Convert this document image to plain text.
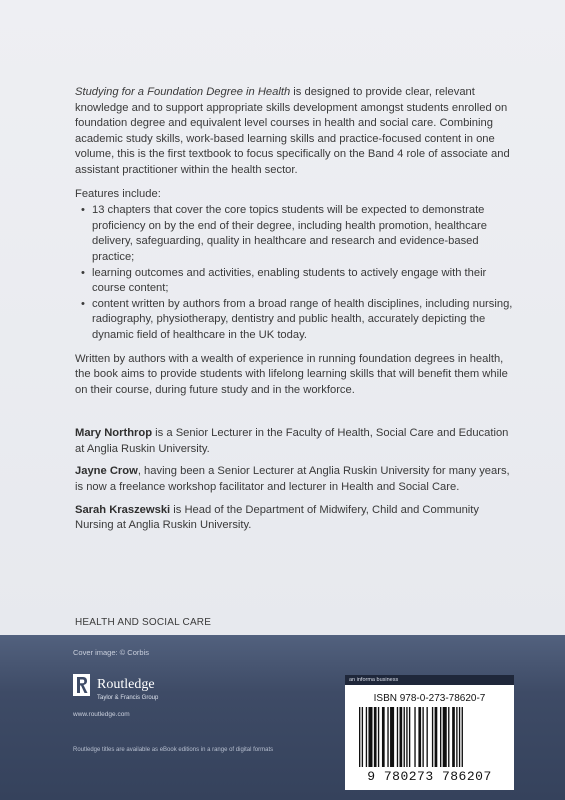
Studying for a Foundation Degree in Health is designed to provide clear, relevant knowledge and to support appropriate skills development amongst students enrolled on foundation degree and equivalent level courses in health and social care. Combining academic study skills, work-based learning skills and practice-focused content in one volume, this is the first textbook to focus specifically on the Band 4 role of associate and assistant practitioner within the health sector.

Features include:

• 13 chapters that cover the core topics students will be expected to demonstrate proficiency on by the end of their degree, including health promotion, healthcare delivery, safeguarding, quality in healthcare and research and evidence-based practice;
• learning outcomes and activities, enabling students to actively engage with their course content;
• content written by authors from a broad range of health disciplines, including nursing, radiography, physiotherapy, dentistry and public health, accurately depicting the dynamic field of healthcare in the UK today.

Written by authors with a wealth of experience in running foundation degrees in health, the book aims to provide students with lifelong learning skills that will benefit them while on their course, during future study and in the workforce.

Mary Northrop is a Senior Lecturer in the Faculty of Health, Social Care and Education at Anglia Ruskin University.

Jayne Crow, having been a Senior Lecturer at Anglia Ruskin University for many years, is now a freelance workshop facilitator and lecturer in Health and Social Care.

Sarah Kraszewski is Head of the Department of Midwifery, Child and Community Nursing at Anglia Ruskin University.

HEALTH AND SOCIAL CARE
Cover image: © Corbis
Routledge
Taylor & Francis Group
www.routledge.com
Routledge titles are available as eBook editions in a range of digital formats
an informa business
ISBN 978-0-273-78620-7
9 780273 786207
